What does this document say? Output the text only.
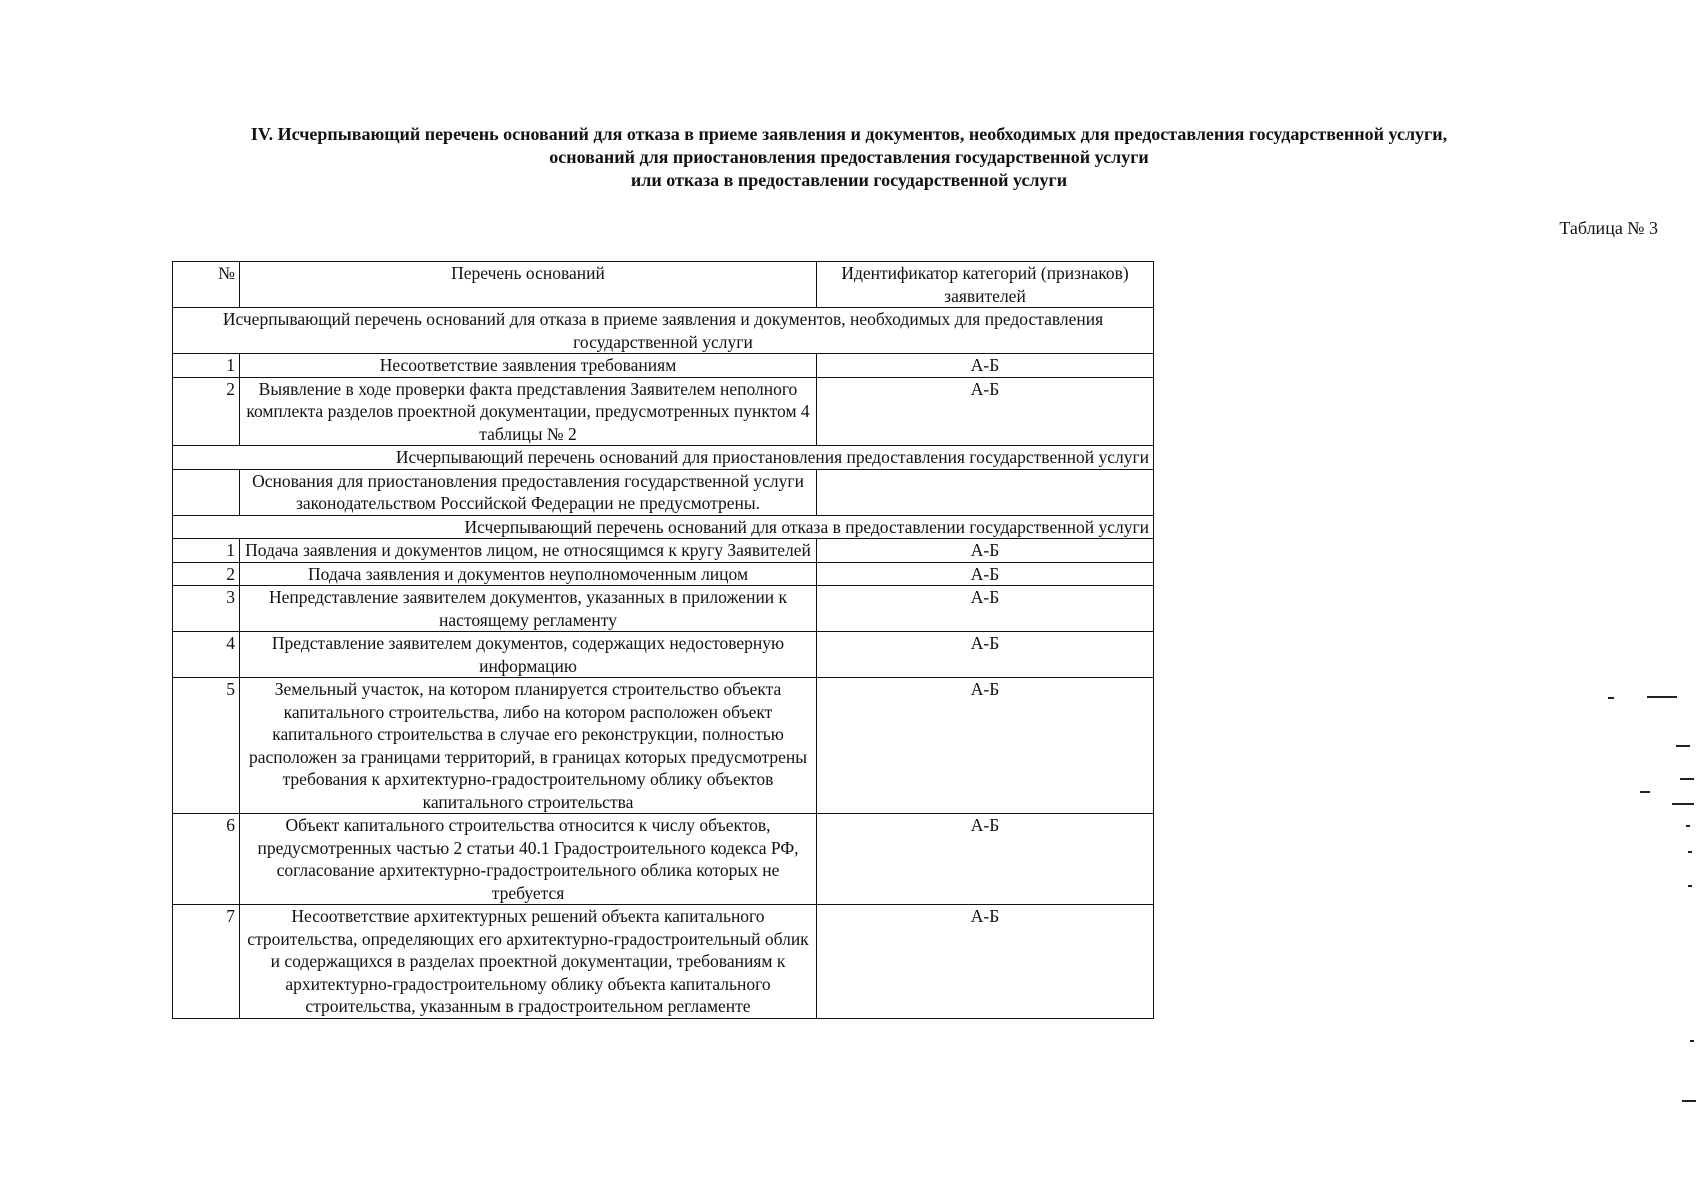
IV. Исчерпывающий перечень оснований для отказа в приеме заявления и документов, необходимых для предоставления государственной услуги,
оснований для приостановления предоставления государственной услуги
или отказа в предоставлении государственной услуги
Таблица № 3
№	Перечень оснований	Идентификатор категорий (признаков) заявителей
Исчерпывающий перечень оснований для отказа в приеме заявления и документов, необходимых для предоставления государственной услуги		
1	Несоответствие заявления требованиям	А-Б
2	Выявление в ходе проверки факта представления Заявителем неполного комплекта разделов проектной документации, предусмотренных пунктом 4 таблицы № 2	А-Б
Исчерпывающий перечень оснований для приостановления предоставления государственной услуги		
	Основания для приостановления предоставления государственной услуги законодательством Российской Федерации не предусмотрены.	
Исчерпывающий перечень оснований для отказа в предоставлении государственной услуги		
1	Подача заявления и документов лицом, не относящимся к кругу Заявителей	А-Б
2	Подача заявления и документов неуполномоченным лицом	А-Б
3	Непредставление заявителем документов, указанных в приложении к настоящему регламенту	А-Б
4	Представление заявителем документов, содержащих недостоверную информацию	А-Б
5	Земельный участок, на котором планируется строительство объекта капитального строительства, либо на котором расположен объект капитального строительства в случае его реконструкции, полностью расположен за границами территорий, в границах которых предусмотрены требования к архитектурно-градостроительному облику объектов капитального строительства	А-Б
6	Объект капитального строительства относится к числу объектов, предусмотренных частью 2 статьи 40.1 Градостроительного кодекса РФ, согласование архитектурно-градостроительного облика которых не требуется	А-Б
7	Несоответствие архитектурных решений объекта капитального строительства, определяющих его архитектурно-градостроительный облик и содержащихся в разделах проектной документации, требованиям к архитектурно-градостроительному облику объекта капитального строительства, указанным в градостроительном регламенте	А-Б
